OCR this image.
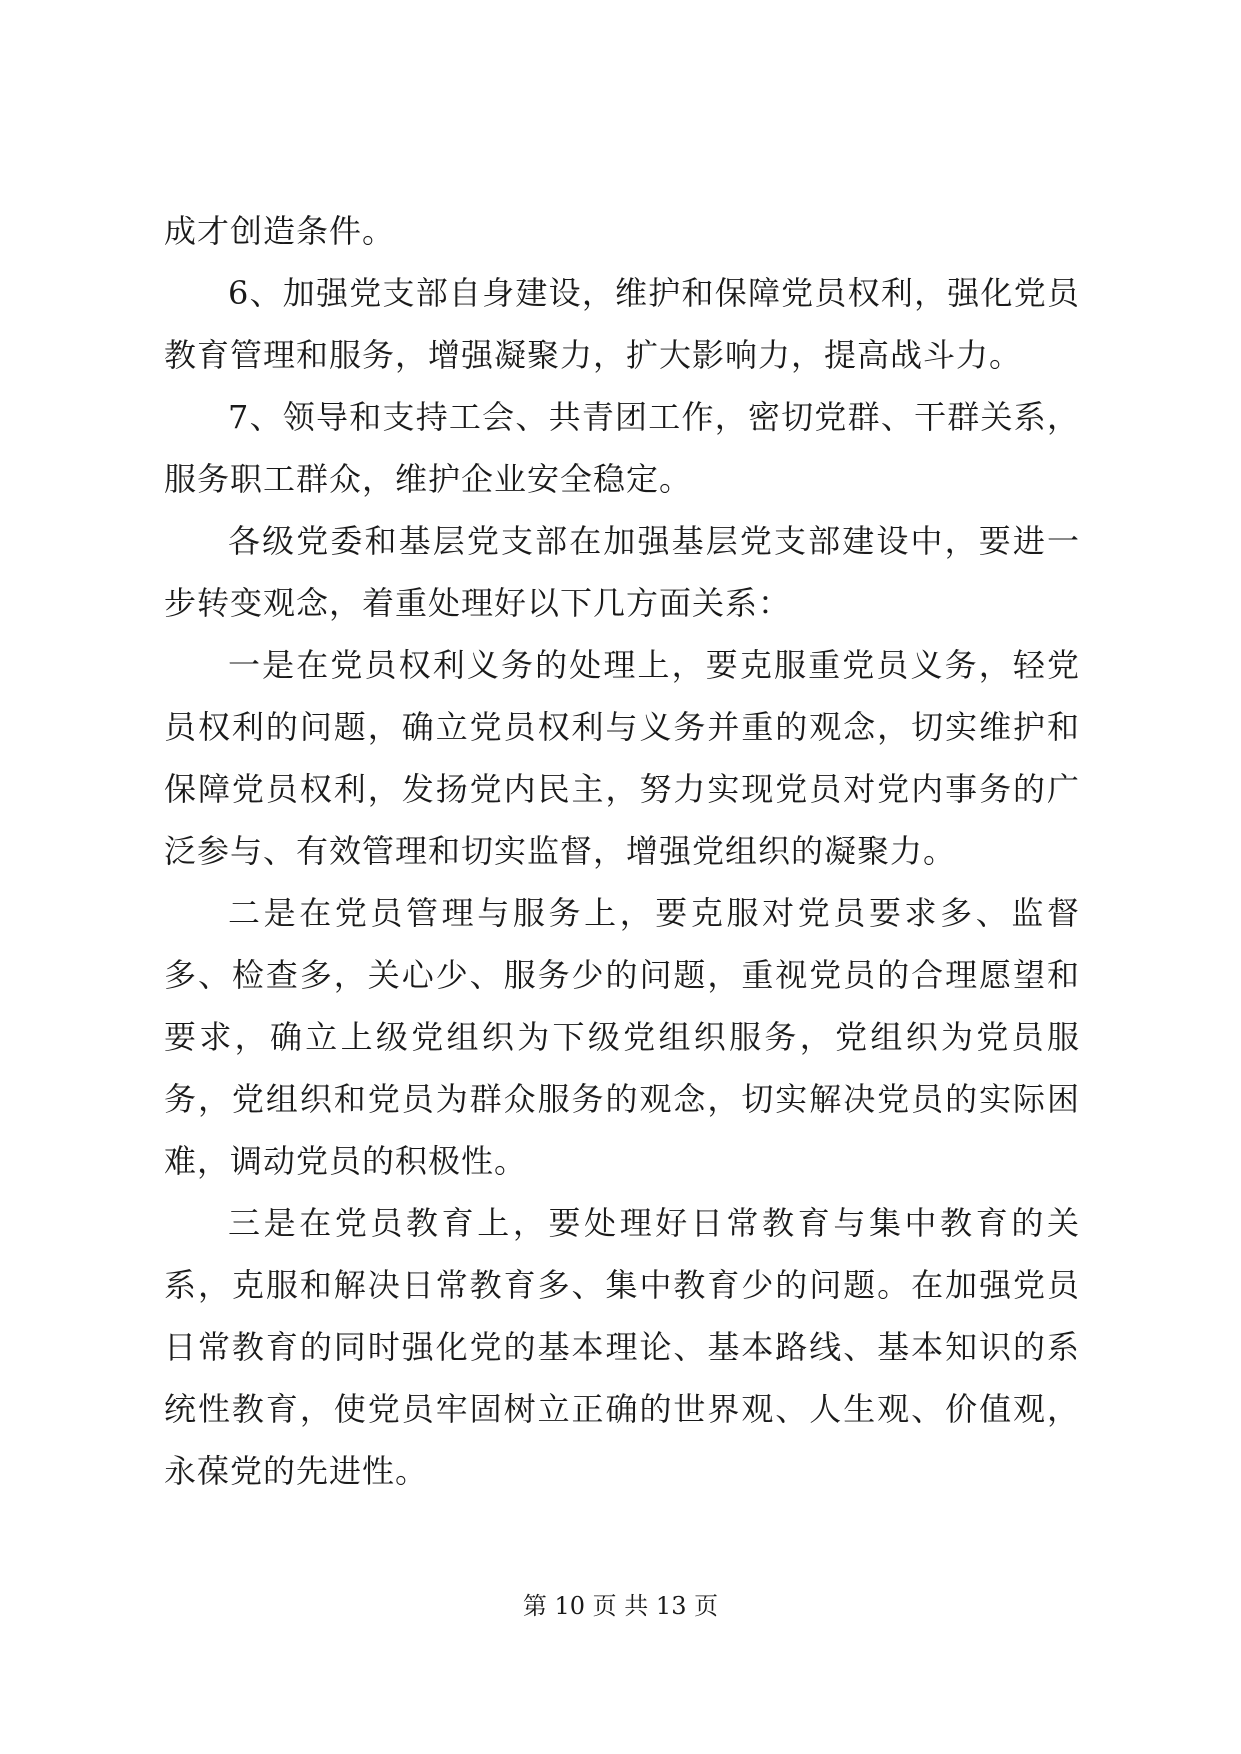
成才创造条件。

6、加强党支部自身建设，维护和保障党员权利，强化党员教育管理和服务，增强凝聚力，扩大影响力，提高战斗力。

7、领导和支持工会、共青团工作，密切党群、干群关系，服务职工群众，维护企业安全稳定。

各级党委和基层党支部在加强基层党支部建设中，要进一步转变观念，着重处理好以下几方面关系：

一是在党员权利义务的处理上，要克服重党员义务，轻党员权利的问题，确立党员权利与义务并重的观念，切实维护和保障党员权利，发扬党内民主，努力实现党员对党内事务的广泛参与、有效管理和切实监督，增强党组织的凝聚力。

二是在党员管理与服务上，要克服对党员要求多、监督多、检查多，关心少、服务少的问题，重视党员的合理愿望和要求，确立上级党组织为下级党组织服务，党组织为党员服务，党组织和党员为群众服务的观念，切实解决党员的实际困难，调动党员的积极性。

三是在党员教育上，要处理好日常教育与集中教育的关系，克服和解决日常教育多、集中教育少的问题。在加强党员日常教育的同时强化党的基本理论、基本路线、基本知识的系统性教育，使党员牢固树立正确的世界观、人生观、价值观，永葆党的先进性。

第 10 页 共 13 页
